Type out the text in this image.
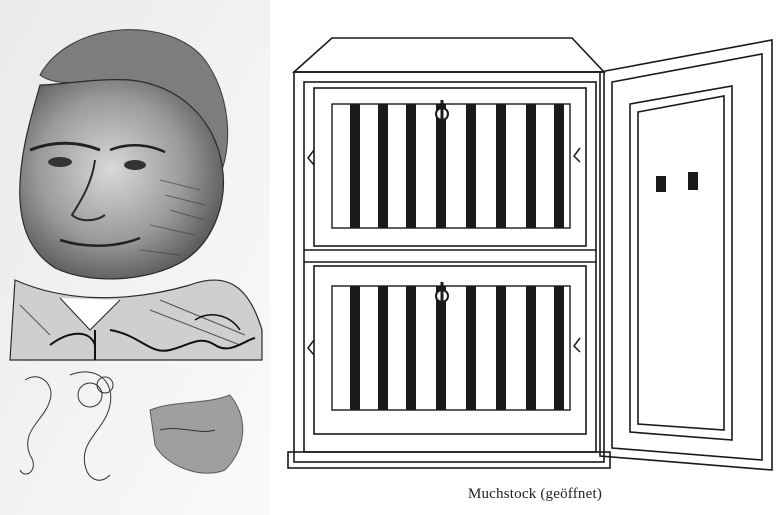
Muchstock (geöffnet)
